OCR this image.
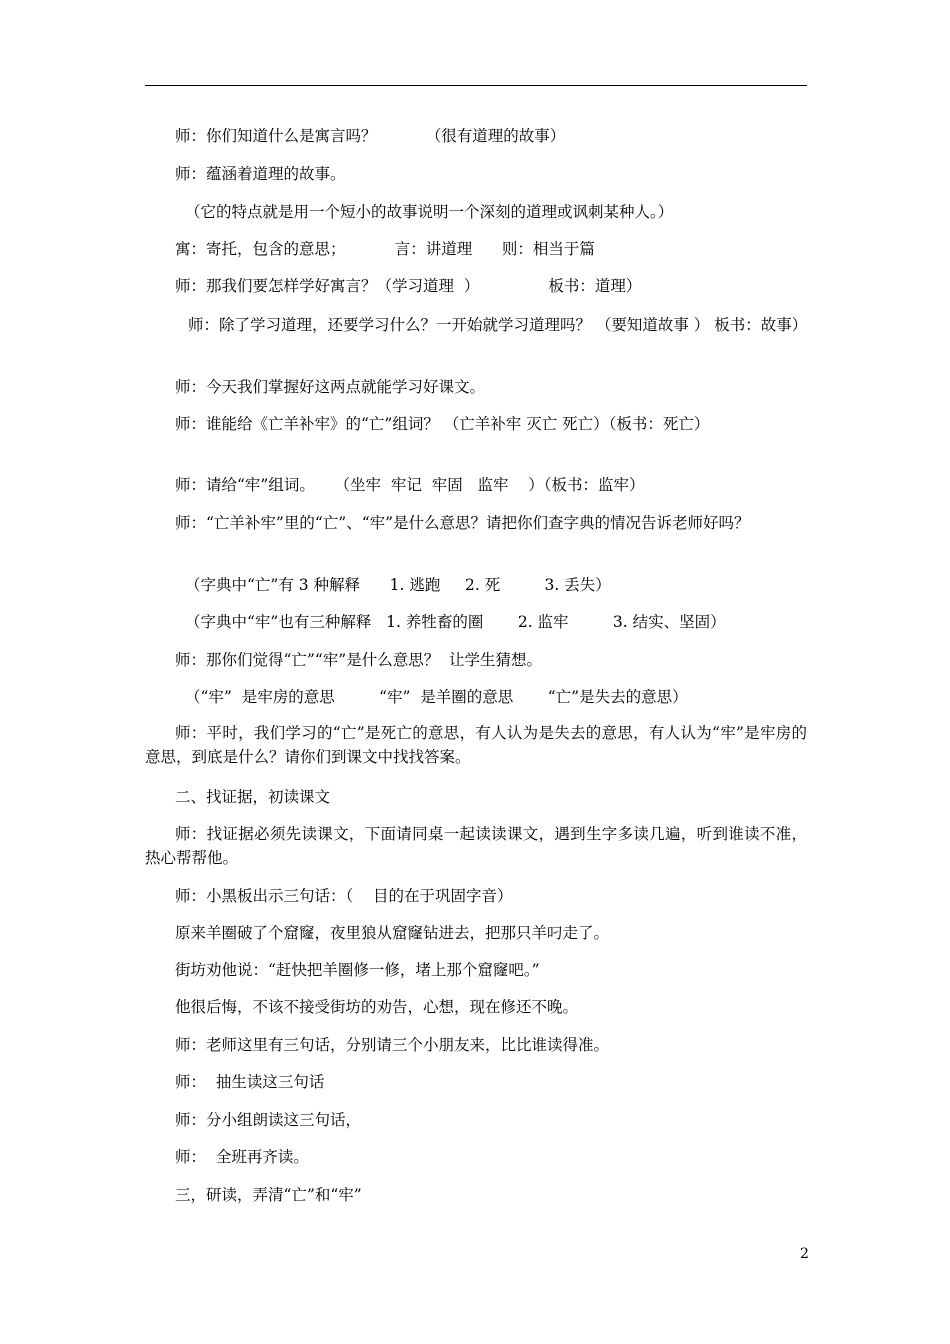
师：你们知道什么是寓言吗？          （很有道理的故事）
师：蕴涵着道理的故事。
（它的特点就是用一个短小的故事说明一个深刻的道理或讽刺某种人。）
寓：寄托，包含的意思；          言：讲道理      则：相当于篇
师：那我们要怎样学好寓言？（学习道理  ）              板书：道理）
师：除了学习道理，还要学习什么？一开始就学习道理吗？ （要知道故事 ） 板书：故事）
师：今天我们掌握好这两点就能学习好课文。
师：谁能给《亡羊补牢》的“亡”组词？ （亡羊补牢 灭亡 死亡）（板书：死亡）
师：请给“牢”组词。    （坐牢  牢记  牢固   监牢    ）（板书：监牢）
师：“亡羊补牢”里的“亡”、“牢”是什么意思？请把你们查字典的情况告诉老师好吗？
（字典中“亡”有 3 种解释      1. 逃跑     2. 死         3. 丢失）
（字典中“牢”也有三种解释   1. 养牲畜的圈       2. 监牢         3. 结实、坚固）
师：那你们觉得“亡”“牢”是什么意思？  让学生猜想。
（“牢”  是牢房的意思         “牢”  是羊圈的意思       “亡”是失去的意思）
师：平时，我们学习的“亡”是死亡的意思，有人认为是失去的意思，有人认为“牢”是牢房的意思，到底是什么？请你们到课文中找找答案。
二、找证据，初读课文
师：找证据必须先读课文，下面请同桌一起读读课文，遇到生字多读几遍，听到谁读不准，热心帮帮他。
师：小黑板出示三句话：（    目的在于巩固字音）
原来羊圈破了个窟窿，夜里狼从窟窿钻进去，把那只羊叼走了。
街坊劝他说：“赶快把羊圈修一修，堵上那个窟窿吧。”
他很后悔，不该不接受街坊的劝告，心想，现在修还不晚。
师：老师这里有三句话，分别请三个小朋友来，比比谁读得准。
师：  抽生读这三句话
师：分小组朗读这三句话，
师：  全班再齐读。
三，研读，弄清“亡”和“牢”
2
